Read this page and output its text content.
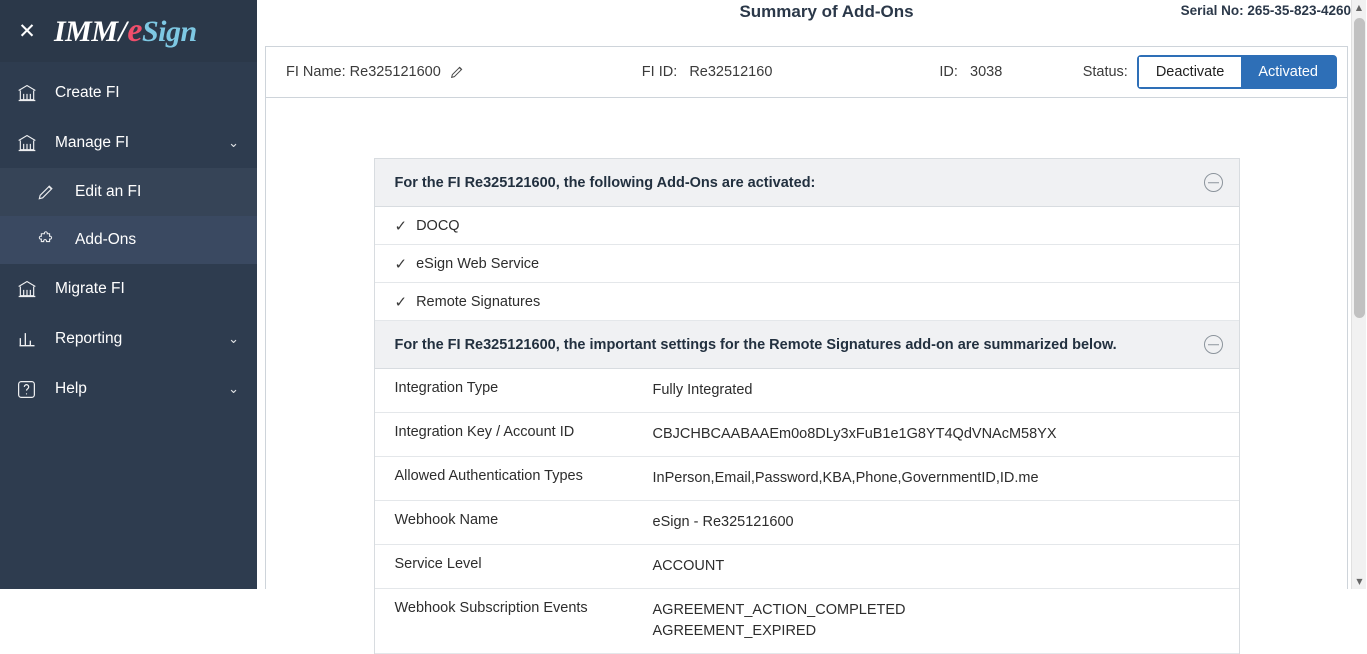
✕ IMM / e Sign
Create FI
Manage FI	⌄
Edit an FI
Add-Ons
Migrate FI
Reporting	⌄
Help	⌄
Summary of Add-Ons	Serial No: 265-35-823-4260
FI Name:
Re325121600	FI ID: Re32512160	ID: 3038	Status:	Deactivate	Activated
For the FI Re325121600, the following Add-Ons are activated:
✓ DOCQ
✓ eSign Web Service
✓ Remote Signatures
For the FI Re325121600, the important settings for the Remote Signatures add-on are summarized below.
Integration Type	Fully Integrated
Integration Key / Account ID	CBJCHBCAABAAEm0o8DLy3xFuB1e1G8YT4QdVNAcM58YX
Allowed Authentication Types	InPerson,Email,Password,KBA,Phone,GovernmentID,ID.me
Webhook Name	eSign - Re325121600
Service Level	ACCOUNT
Webhook Subscription Events	AGREEMENT_ACTION_COMPLETED
AGREEMENT_EXPIRED
▲
▼
